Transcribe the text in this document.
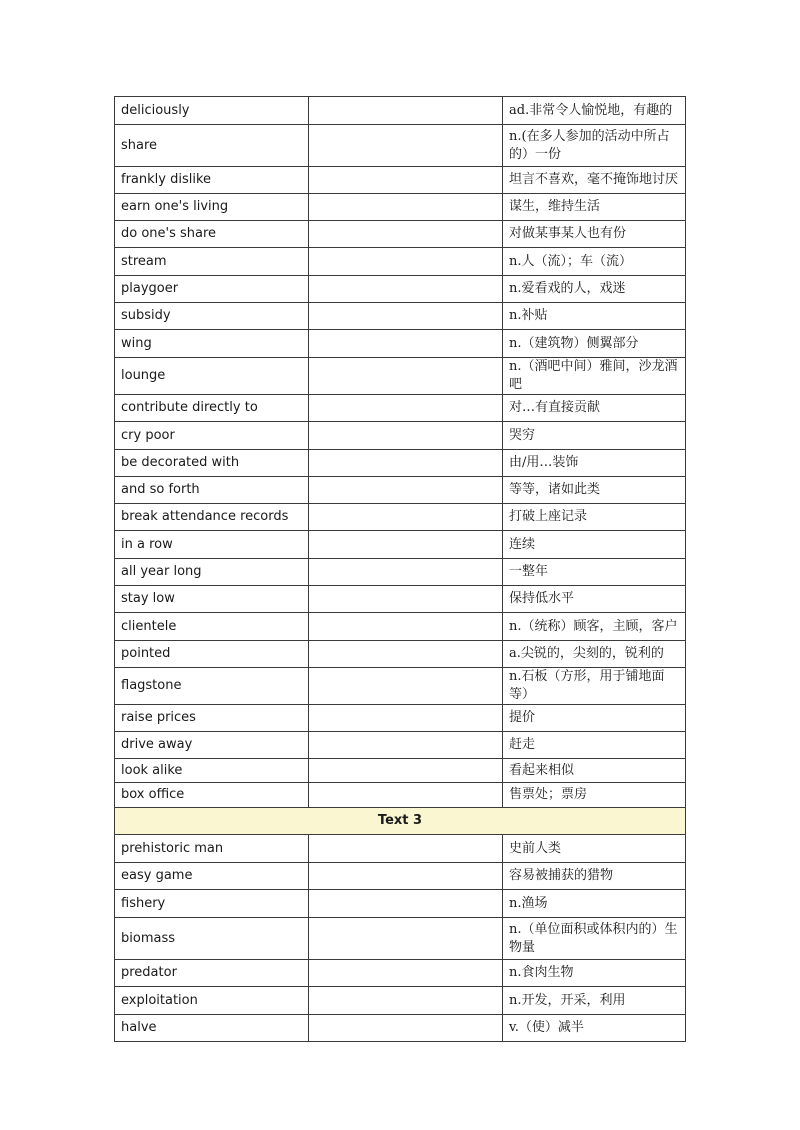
deliciously		ad.非常令人愉悦地，有趣的
share		n.(在多人参加的活动中所占的）一份
frankly dislike		坦言不喜欢，毫不掩饰地讨厌
earn one's living		谋生，维持生活
do one's share		对做某事某人也有份
stream		n.人（流）；车（流）
playgoer		n.爱看戏的人，戏迷
subsidy		n.补贴
wing		n.（建筑物）侧翼部分
lounge		n.（酒吧中间）雅间，沙龙酒吧
contribute directly to		对…有直接贡献
cry poor		哭穷
be decorated with		由/用…装饰
and so forth		等等，诸如此类
break attendance records		打破上座记录
in a row		连续
all year long		一整年
stay low		保持低水平
clientele		n.（统称）顾客，主顾，客户
pointed		a.尖锐的，尖刻的，锐利的
flagstone		n.石板（方形，用于铺地面等）
raise prices		提价
drive away		赶走
look alike		看起来相似
box office		售票处；票房
Text 3		
prehistoric man		史前人类
easy game		容易被捕获的猎物
fishery		n.渔场
biomass		n.（单位面积或体积内的）生物量
predator		n.食肉生物
exploitation		n.开发，开采，利用
halve		v.（使）减半
